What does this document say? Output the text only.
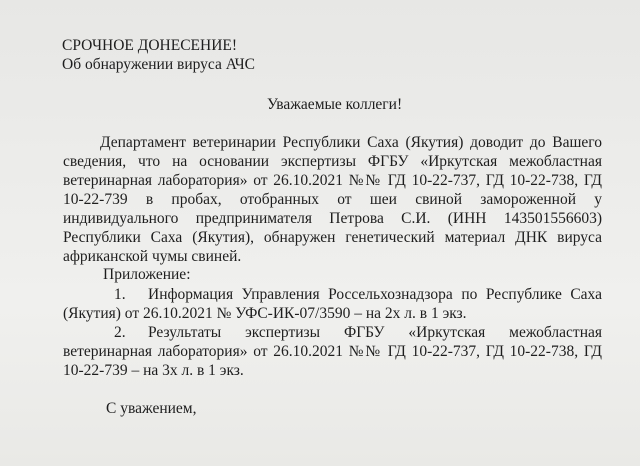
СРОЧНОЕ ДОНЕСЕНИЕ!
Об обнаружении вируса АЧС
Уважаемые коллеги!
Департамент ветеринарии Республики Саха (Якутия) доводит до Вашего
сведения, что на основании экспертизы ФГБУ «Иркутская межобластная
ветеринарная лаборатория» от 26.10.2021 №№ ГД 10-22-737, ГД 10-22-738, ГД
10-22-739 в пробах, отобранных от шеи свиной замороженной у
индивидуального предпринимателя Петрова С.И. (ИНН 143501556603)
Республики Саха (Якутия), обнаружен генетический материал ДНК вируса
африканской чумы свиней.
Приложение:
1. Информация Управления Россельхознадзора по Республике Саха
(Якутия) от 26.10.2021 № УФС-ИК-07/3590 – на 2х л. в 1 экз.
2. Результаты экспертизы ФГБУ «Иркутская межобластная
ветеринарная лаборатория» от 26.10.2021 №№ ГД 10-22-737, ГД 10-22-738, ГД
10-22-739 – на 3х л. в 1 экз.
С уважением,
